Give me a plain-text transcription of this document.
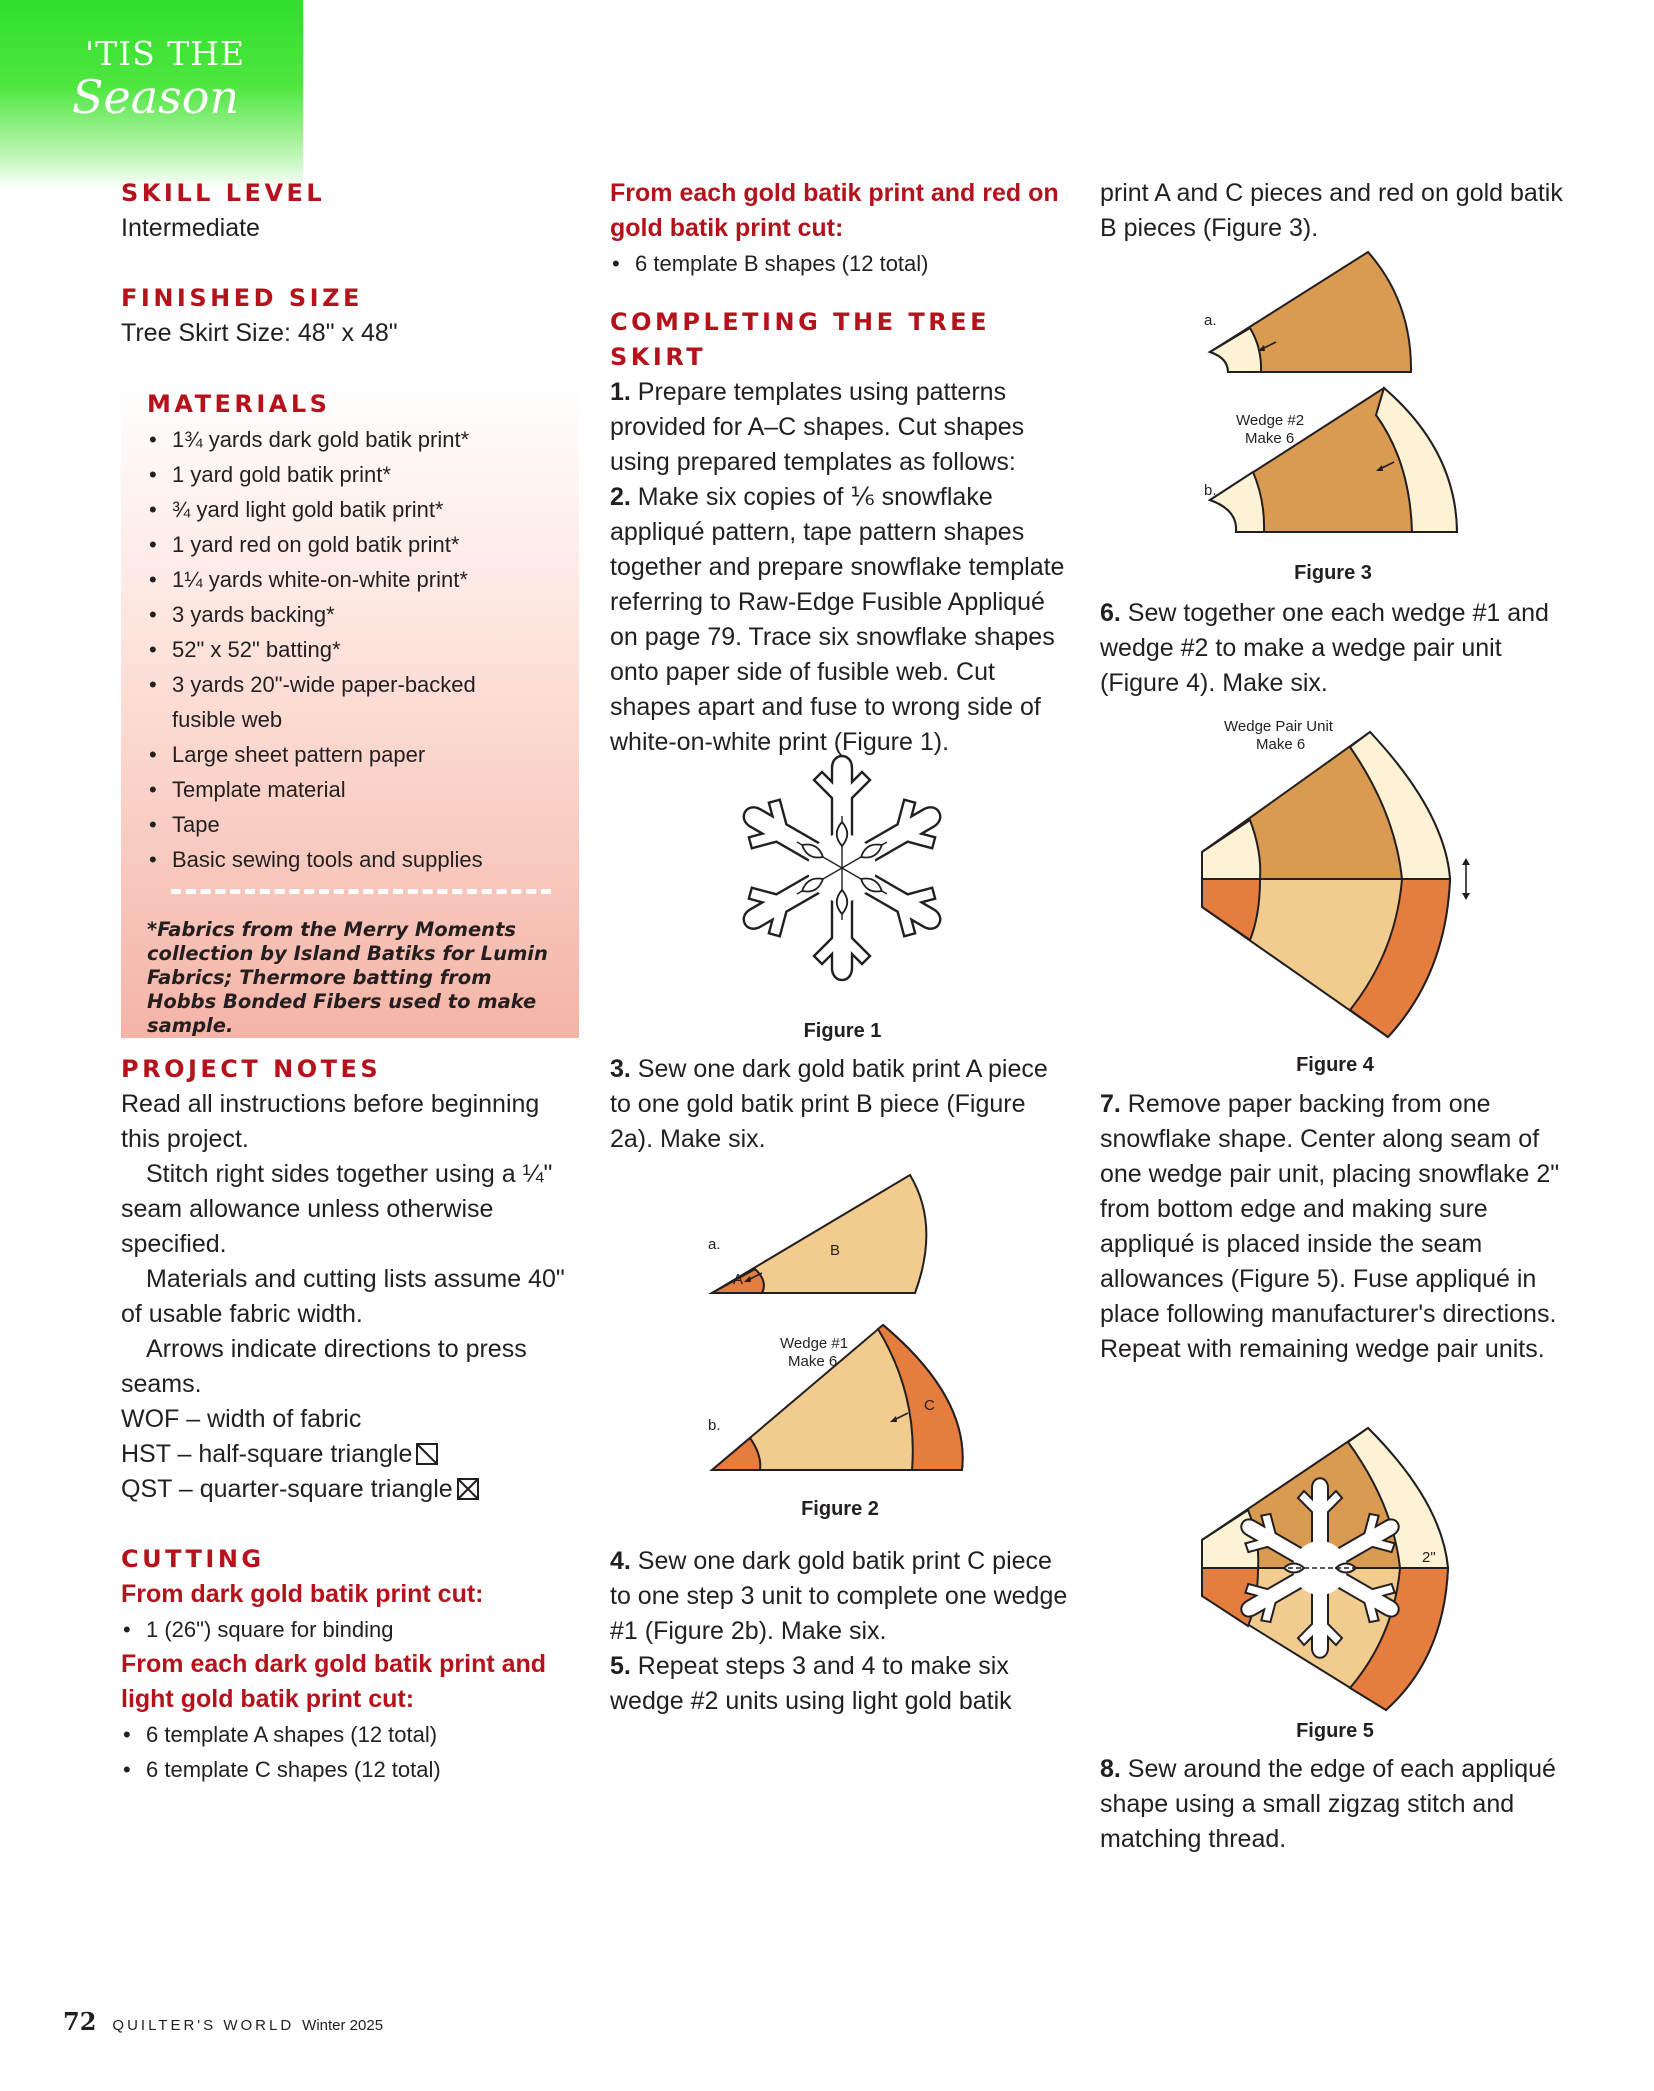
'TIS THE
Season
SKILL LEVEL

Intermediate

FINISHED SIZE

Tree Skirt Size: 48" x 48"

MATERIALS
• 1¾ yards dark gold batik print*
• 1 yard gold batik print*
• ¾ yard light gold batik print*
• 1 yard red on gold batik print*
• 1¼ yards white-on-white print*
• 3 yards backing*
• 52" x 52" batting*
• 3 yards 20"-wide paper-backed fusible web
• Large sheet pattern paper
• Template material
• Tape
• Basic sewing tools and supplies
*Fabrics from the Merry Moments collection by Island Batiks for Lumin Fabrics; Thermore batting from Hobbs Bonded Fibers used to make sample.
PROJECT NOTES

Read all instructions before beginning this project.

Stitch right sides together using a ¼" seam allowance unless otherwise specified.

Materials and cutting lists assume 40" of usable fabric width.

Arrows indicate directions to press seams.

WOF – width of fabric

HST – half-square triangle

QST – quarter-square triangle

CUTTING
From dark gold batik print cut:
• 1 (26") square for binding
From each dark gold batik print and light gold batik print cut:
• 6 template A shapes (12 total)
• 6 template C shapes (12 total)
From each gold batik print and red on gold batik print cut:
• 6 template B shapes (12 total)
COMPLETING THE TREE SKIRT

1. Prepare templates using patterns provided for A–C shapes. Cut shapes using prepared templates as follows:

2. Make six copies of ⅙ snowflake appliqué pattern, tape pattern shapes together and prepare snowflake template referring to Raw-Edge Fusible Appliqué on page 79. Trace six snowflake shapes onto paper side of fusible web. Cut shapes apart and fuse to wrong side of white-on-white print (Figure 1).

3. Sew one dark gold batik print A piece to one gold batik print B piece (Figure 2a). Make six.

4. Sew one dark gold batik print C piece to one step 3 unit to complete one wedge #1 (Figure 2b). Make six.

5. Repeat steps 3 and 4 to make six wedge #2 units using light gold batik

print A and C pieces and red on gold batik B pieces (Figure 3).

6. Sew together one each wedge #1 and wedge #2 to make a wedge pair unit (Figure 4). Make six.

7. Remove paper backing from one snowflake shape. Center along seam of one wedge pair unit, placing snowflake 2" from bottom edge and making sure appliqué is placed inside the seam allowances (Figure 5). Fuse appliqué in place following manufacturer's directions. Repeat with remaining wedge pair units.

8. Sew around the edge of each appliqué shape using a small zigzag stitch and matching thread.

Figure 1
a.
A
B
b.
C
Wedge #1
Make 6
Figure 2
a.
b.
Wedge #2
Make 6
Figure 3
Wedge Pair Unit
Make 6
Figure 4
2"
Figure 5
72 QUILTER'S WORLD Winter 2025
